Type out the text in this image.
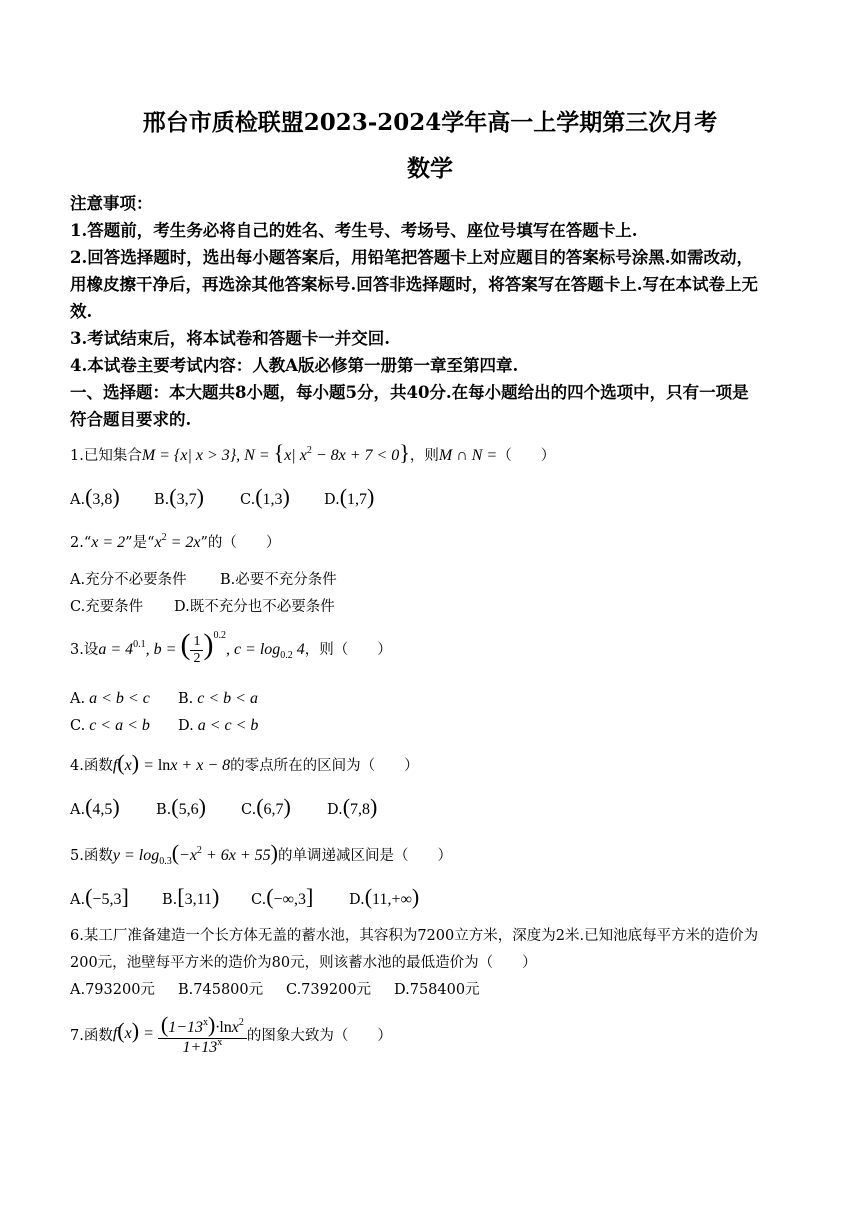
邢台市质检联盟2023-2024学年高一上学期第三次月考
数学
注意事项：
1.答题前，考生务必将自己的姓名、考生号、考场号、座位号填写在答题卡上.
2.回答选择题时，选出每小题答案后，用铅笔把答题卡上对应题目的答案标号涂黑.如需改动，
用橡皮擦干净后，再选涂其他答案标号.回答非选择题时，将答案写在答题卡上.写在本试卷上无
效.
3.考试结束后，将本试卷和答题卡一并交回.
4.本试卷主要考试内容：人教A版必修第一册第一章至第四章.
一、选择题：本大题共8小题，每小题5分，共40分.在每小题给出的四个选项中，只有一项是
符合题目要求的.
1.已知集合M = {x| x > 3}, N = {x| $x^2 - 8x + 7 < 0$}，则M ∩ N =（　　）
A.(3,8) B.(3,7) C.(1,3) D.(1,7)
2.“x = 2”是“$x^2 = 2x$”的（　　）
A.充分不必要条件 B.必要不充分条件
C.充要条件 D.既不充分也不必要条件
3.设$a = 4^{0.1}$, b = ( $\frac{1}{2} )^{0.2}$, $c = \log_{0.2} 4$，则（　　）
A. a < b < c B. c < b < a
C. c < a < b D. a < c < b
4.函数f(x) = lnx + x − 8的零点所在的区间为（　　）
A.(4,5)	B.(5,6) C.(6,7) D.(7,8)
5.函数$y = \log_{0.3}(-x^2 + 6x + 55)$的单调递减区间是（　　）
A.(−5,3] B.[3,11) C.(−∞,3] D.(11,+∞)
6.某工厂准备建造一个长方体无盖的蓄水池，其容积为7200立方米，深度为2米.已知池底每平方米的造价为
200元，池壁每平方米的造价为80元，则该蓄水池的最低造价为（　　）
A.793200元 B.745800元 C.739200元 D.758400元
7.函数$f(x) = \frac{(1-13^x)\cdot\ln x^2}{1+13^x}$ 的图象大致为（　　）
